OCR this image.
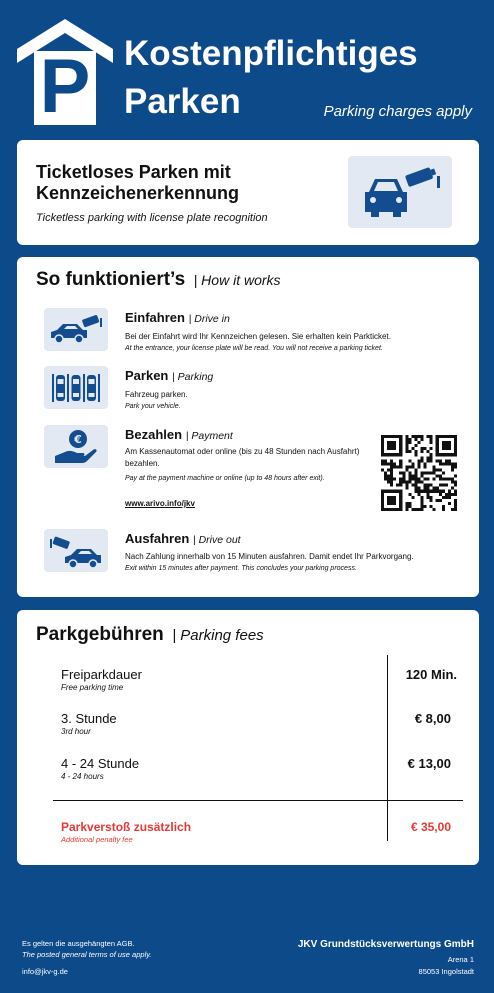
P Kostenpflichtiges
Parken	Parking charges apply
Ticketloses Parken mit
Kennzeichenerkennung
Ticketless parking with license plate recognition
So funktioniert’s | How it works
Einfahren | Drive in
Bei der Einfahrt wird Ihr Kennzeichen gelesen. Sie erhalten kein Parkticket.
At the entrance, your license plate will be read. You will not receive a parking ticket.
Parken | Parking
Fahrzeug parken.
Park your vehicle.
€	Bezahlen | Payment
Am Kassenautomat oder online (bis zu 48 Stunden nach Ausfahrt) bezahlen.
Pay at the payment machine or online (up to 48 hours after exit).
www.arivo.info/jkv
Ausfahren | Drive out
Nach Zahlung innerhalb von 15 Minuten ausfahren. Damit endet Ihr Parkvorgang.
Exit within 15 minutes after payment. This concludes your parking process.
Parkgebühren | Parking fees
Freiparkdauer
Free parking time
120 Min.
3. Stunde
3rd hour
€ 8,00
4 - 24 Stunde
4 - 24 hours
€ 13,00
Parkverstoß zusätzlich
Additional penalty fee
€ 35,00
Es gelten die ausgehängten AGB.
The posted general terms of use apply.
info@jkv-g.de
JKV Grundstücksverwertungs GmbH
Arena 1
85053 Ingolstadt
